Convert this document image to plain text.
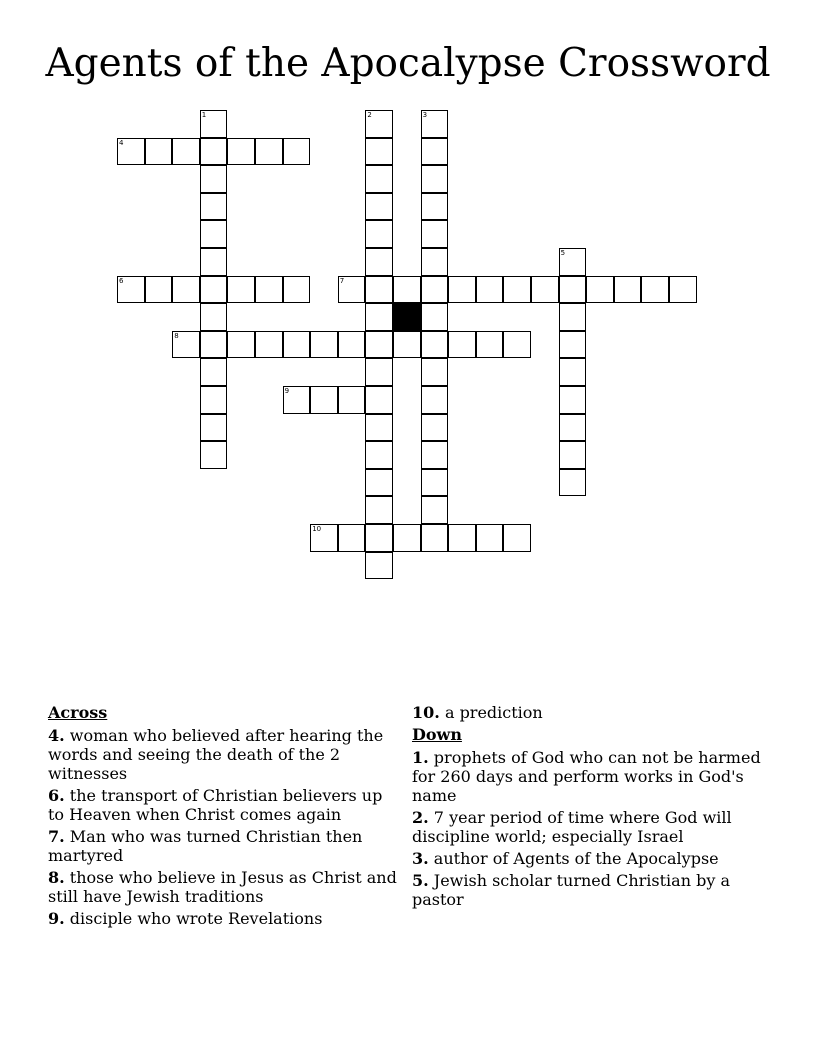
Agents of the Apocalypse Crossword
1	2	3
4
5
6	7
8
9
10
Across
4. woman who believed after hearing the words and seeing the death of the 2 witnesses
6. the transport of Christian believers up to Heaven when Christ comes again
7. Man who was turned Christian then martyred
8. those who believe in Jesus as Christ and still have Jewish traditions
9. disciple who wrote Revelations
10. a prediction
Down
1. prophets of God who can not be harmed for 260 days and perform works in God's name
2. 7 year period of time where God will discipline world; especially Israel
3. author of Agents of the Apocalypse
5. Jewish scholar turned Christian by a pastor
